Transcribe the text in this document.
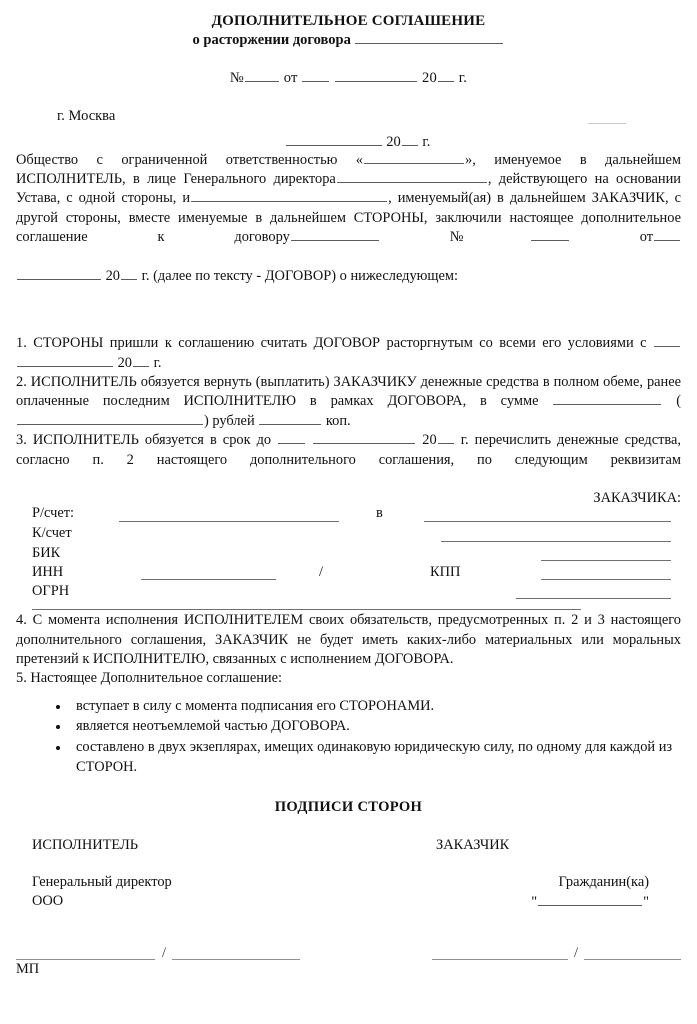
ДОПОЛНИТЕЛЬНОЕ СОГЛАШЕНИЕ
о расторжении договора
№	от	20 г.
г. Москва
20 г.

Общество с ограниченной ответственностью «	», именуемое в дальнейшем ИСПОЛНИТЕЛЬ, в лице Генерального директора	, действующего на основании Устава, с одной стороны, и	, именуемый(ая) в дальнейшем ЗАКАЗЧИК, с другой стороны, вместе именуемые в дальнейшем СТОРОНЫ, заключили настоящее дополнительное соглашение к договору	№	от 20 г. (далее по тексту - ДОГОВОР) о нижеследующем:

1. СТОРОНЫ пришли к соглашению считать ДОГОВОР расторгнутым со всеми его условиями с   20 г.

2. ИСПОЛНИТЕЛЬ обязуется вернуть (выплатить) ЗАКАЗЧИКУ денежные средства в полном обеме, ранее оплаченные последним ИСПОЛНИТЕЛЮ в рамках ДОГОВОРА, в сумме	() рублей	коп.

3. ИСПОЛНИТЕЛЬ обязуется в срок до	20 г. перечислить денежные средства, согласно п. 2 настоящего дополнительного соглашения, по следующим реквизитам
ЗАКАЗЧИКА:

Р/счет:	в
К/счет
БИК
ИНН	/	КПП
ОГРН

4. С момента исполнения ИСПОЛНИТЕЛЕМ своих обязательств, предусмотренных п. 2 и 3 настоящего дополнительного соглашения, ЗАКАЗЧИК не будет иметь каких-либо материальных или моральных претензий к ИСПОЛНИТЕЛЮ, связанных с исполнением ДОГОВОРА.

5. Настоящее Дополнительное соглашение:

• вступает в силу с момента подписания его СТОРОНАМИ.
• является неотъемлемой частью ДОГОВОРА.
• составлено в двух экзеплярах, имещих одинаковую юридическую силу, по одному для каждой из СТОРОН.
ПОДПИСИ СТОРОН
ИСПОЛНИТЕЛЬ	ЗАКАЗЧИК
Генеральный директор
ООО
Гражданин(ка)
"	"
/	/
МП
